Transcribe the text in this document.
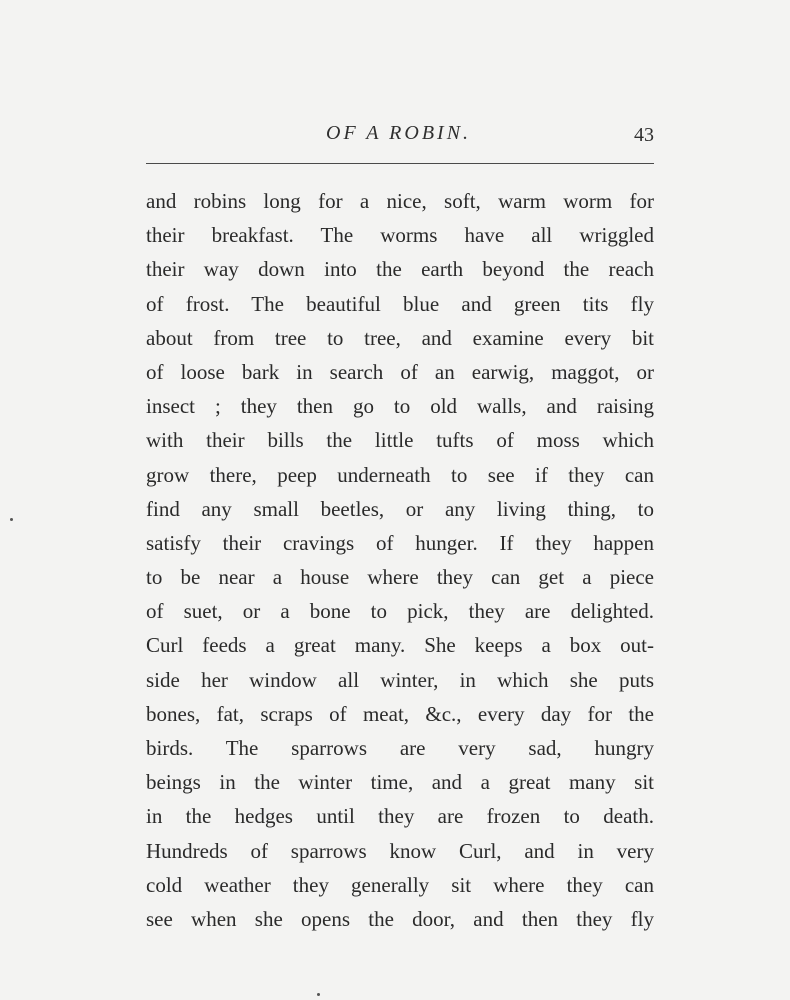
OF A ROBIN.	43
and robins long for a nice, soft, warm worm for
their breakfast. The worms have all wriggled
their way down into the earth beyond the reach
of frost. The beautiful blue and green tits fly
about from tree to tree, and examine every bit
of loose bark in search of an earwig, maggot, or
insect ; they then go to old walls, and raising
with their bills the little tufts of moss which
grow there, peep underneath to see if they can
find any small beetles, or any living thing, to
satisfy their cravings of hunger. If they happen
to be near a house where they can get a piece
of suet, or a bone to pick, they are delighted.
Curl feeds a great many. She keeps a box out-
side her window all winter, in which she puts
bones, fat, scraps of meat, &c., every day for the
birds. The sparrows are very sad, hungry
beings in the winter time, and a great many sit
in the hedges until they are frozen to death.
Hundreds of sparrows know Curl, and in very
cold weather they generally sit where they can
see when she opens the door, and then they fly
